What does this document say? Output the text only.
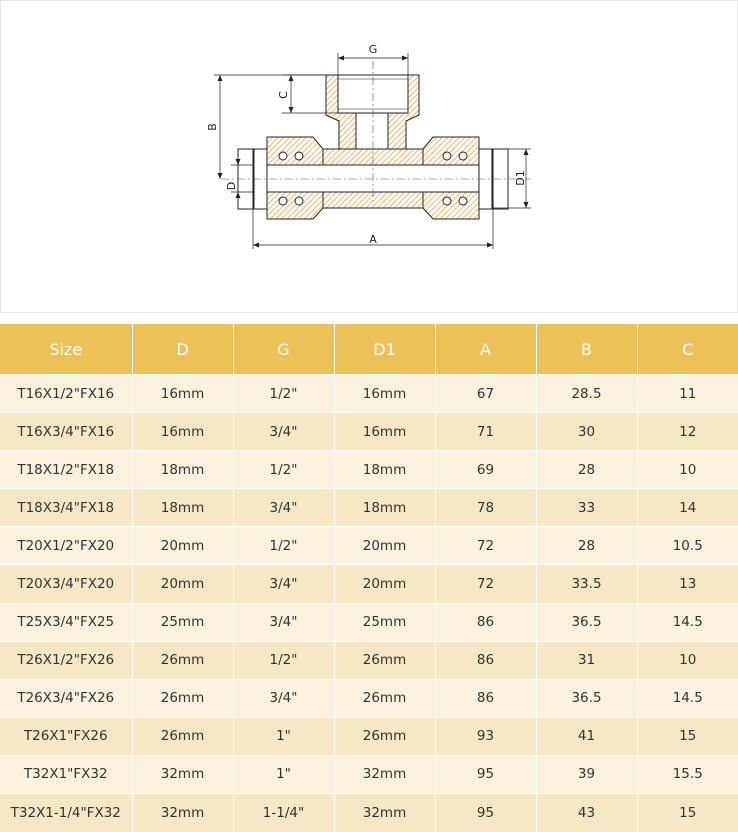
G
C
B
D
D1
A
Size	D	G	D1	A	B	C
T16X1/2"FX16	16mm	1/2"	16mm	67	28.5	11
T16X3/4"FX16	16mm	3/4"	16mm	71	30	12
T18X1/2"FX18	18mm	1/2"	18mm	69	28	10
T18X3/4"FX18	18mm	3/4"	18mm	78	33	14
T20X1/2"FX20	20mm	1/2"	20mm	72	28	10.5
T20X3/4"FX20	20mm	3/4"	20mm	72	33.5	13
T25X3/4"FX25	25mm	3/4"	25mm	86	36.5	14.5
T26X1/2"FX26	26mm	1/2"	26mm	86	31	10
T26X3/4"FX26	26mm	3/4"	26mm	86	36.5	14.5
T26X1"FX26	26mm	1"	26mm	93	41	15
T32X1"FX32	32mm	1"	32mm	95	39	15.5
T32X1-1/4"FX32	32mm	1-1/4"	32mm	95	43	15
